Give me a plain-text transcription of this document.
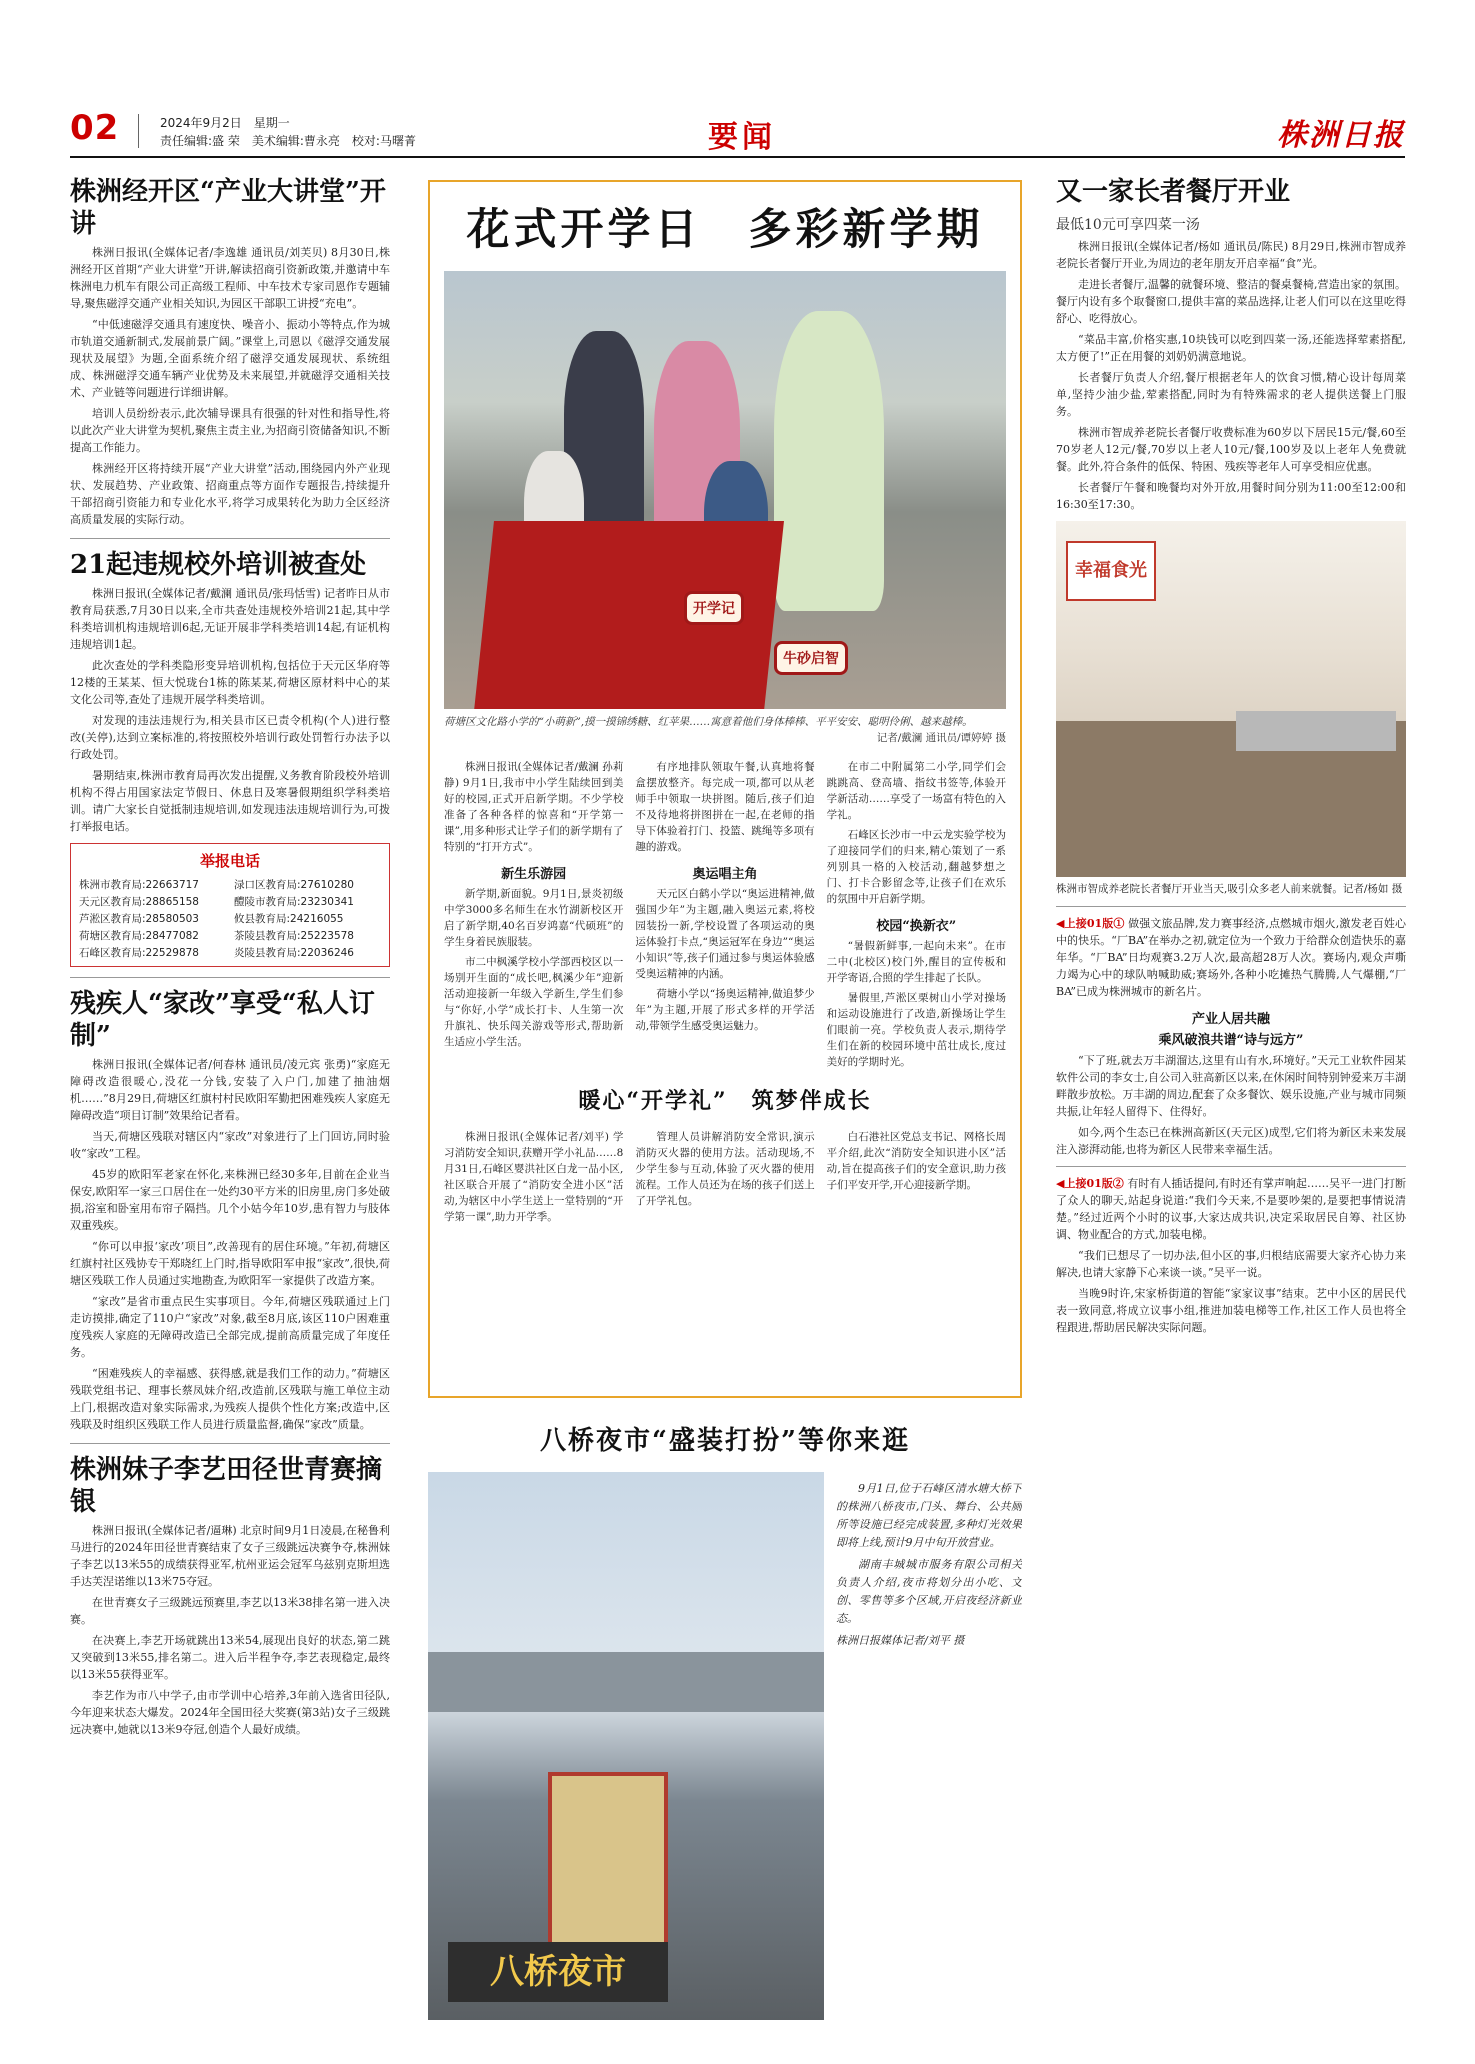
02	2024年9月2日　星期一
责任编辑:盛 荣　美术编辑:曹永亮　校对:马曙菁	要闻	株洲日报
株洲经开区“产业大讲堂”开讲

株洲日报讯(全媒体记者/李逸雄 通讯员/刘芙贝) 8月30日,株洲经开区首期“产业大讲堂”开讲,解读招商引资新政策,并邀请中车株洲电力机车有限公司正高级工程师、中车技术专家司恩作专题辅导,聚焦磁浮交通产业相关知识,为园区干部职工讲授“充电”。

“中低速磁浮交通具有速度快、噪音小、振动小等特点,作为城市轨道交通新制式,发展前景广阔。”课堂上,司恩以《磁浮交通发展现状及展望》为题,全面系统介绍了磁浮交通发展现状、系统组成、株洲磁浮交通车辆产业优势及未来展望,并就磁浮交通相关技术、产业链等问题进行详细讲解。

培训人员纷纷表示,此次辅导课具有很强的针对性和指导性,将以此次产业大讲堂为契机,聚焦主责主业,为招商引资储备知识,不断提高工作能力。

株洲经开区将持续开展“产业大讲堂”活动,围绕园内外产业现状、发展趋势、产业政策、招商重点等方面作专题报告,持续提升干部招商引资能力和专业化水平,将学习成果转化为助力全区经济高质量发展的实际行动。

21起违规校外培训被查处

株洲日报讯(全媒体记者/戴澜 通讯员/张玛恬雪) 记者昨日从市教育局获悉,7月30日以来,全市共查处违规校外培训21起,其中学科类培训机构违规培训6起,无证开展非学科类培训14起,有证机构违规培训1起。

此次查处的学科类隐形变异培训机构,包括位于天元区华府等12楼的王某某、恒大悦珑台1栋的陈某某,荷塘区原材料中心的某文化公司等,查处了违规开展学科类培训。

对发现的违法违规行为,相关县市区已责令机构(个人)进行整改(关停),达到立案标准的,将按照校外培训行政处罚暂行办法予以行政处罚。

暑期结束,株洲市教育局再次发出提醒,义务教育阶段校外培训机构不得占用国家法定节假日、休息日及寒暑假期组织学科类培训。请广大家长自觉抵制违规培训,如发现违法违规培训行为,可拨打举报电话。

举报电话
株洲市教育局:22663717	渌口区教育局:27610280
天元区教育局:28865158	醴陵市教育局:23230341
芦淞区教育局:28580503	攸县教育局:24216055
荷塘区教育局:28477082	茶陵县教育局:25223578
石峰区教育局:22529878	炎陵县教育局:22036246
残疾人“家改”享受“私人订制”

株洲日报讯(全媒体记者/何春林 通讯员/凌元宾 张勇)“家庭无障碍改造很暖心,没花一分钱,安装了入户门,加建了抽油烟机……”8月29日,荷塘区红旗村村民欧阳军勤把困难残疾人家庭无障碍改造“项目订制”效果给记者看。

当天,荷塘区残联对辖区内“家改”对象进行了上门回访,同时验收“家改”工程。

45岁的欧阳军老家在怀化,来株洲已经30多年,目前在企业当保安,欧阳军一家三口居住在一处约30平方米的旧房里,房门多处破损,浴室和卧室用布帘子隔挡。几个小姑今年10岁,患有智力与肢体双重残疾。

“你可以申报‘家改’项目”,改善现有的居住环境。”年初,荷塘区红旗村社区残协专干郑晓红上门时,指导欧阳军申报“家改”,很快,荷塘区残联工作人员通过实地勘查,为欧阳军一家提供了改造方案。

“家改”是省市重点民生实事项目。今年,荷塘区残联通过上门走访摸排,确定了110户“家改”对象,截至8月底,该区110户困难重度残疾人家庭的无障碍改造已全部完成,提前高质量完成了年度任务。

“困难残疾人的幸福感、获得感,就是我们工作的动力。”荷塘区残联党组书记、理事长蔡凤妹介绍,改造前,区残联与施工单位主动上门,根据改造对象实际需求,为残疾人提供个性化方案;改造中,区残联及时组织区残联工作人员进行质量监督,确保“家改”质量。

株洲妹子李艺田径世青赛摘银

株洲日报讯(全媒体记者/逼琳) 北京时间9月1日凌晨,在秘鲁利马进行的2024年田径世青赛结束了女子三级跳远决赛争夺,株洲妹子李艺以13米55的成绩获得亚军,杭州亚运会冠军乌兹别克斯坦选手达芙涅诺维以13米75夺冠。

在世青赛女子三级跳远预赛里,李艺以13米38排名第一进入决赛。

在决赛上,李艺开场就跳出13米54,展现出良好的状态,第二跳又突破到13米55,排名第二。进入后半程争夺,李艺表现稳定,最终以13米55获得亚军。

李艺作为市八中学子,由市学训中心培养,3年前入选省田径队,今年迎来状态大爆发。2024年全国田径大奖赛(第3站)女子三级跳远决赛中,她就以13米9夺冠,创造个人最好成绩。

花式开学日　多彩新学期
开学记
牛砂启智
荷塘区文化路小学的“小萌新”,摸一摸锦绣糖、红苹果……寓意着他们身体棒棒、平平安安、聪明伶俐、越来越棒。
记者/戴澜 通讯员/谭婷婷 摄

株洲日报讯(全媒体记者/戴澜 孙莉静) 9月1日,我市中小学生陆续回到美好的校园,正式开启新学期。不少学校准备了各种各样的惊喜和“开学第一课”,用多种形式让学子们的新学期有了特别的“打开方式”。

新生乐游园

新学期,新面貌。9月1日,景炎初级中学3000多名师生在水竹湖新校区开启了新学期,40名百岁鸿嘉“代硕班”的学生身着民族服装。

市二中枫溪学校小学部西校区以一场别开生面的“成长吧,枫溪少年”迎新活动迎接新一年级入学新生,学生们参与“你好,小学”成长打卡、人生第一次升旗礼、快乐闯关游戏等形式,帮助新生适应小学生活。

有序地排队领取午餐,认真地将餐盒摆放整齐。每完成一项,都可以从老师手中领取一块拼图。随后,孩子们迫不及待地将拼图拼在一起,在老师的指导下体验着打门、投篮、跳绳等多项有趣的游戏。

奥运唱主角

天元区白鹤小学以“奥运进精神,做强国少年”为主题,融入奥运元素,将校园装扮一新,学校设置了各项运动的奥运体验打卡点,“奥运冠军在身边”“奥运小知识”等,孩子们通过参与奥运体验感受奥运精神的内涵。

荷塘小学以“扬奥运精神,做追梦少年”为主题,开展了形式多样的开学活动,带领学生感受奥运魅力。

在市二中附属第二小学,同学们会跳跳高、登高墙、指纹书签等,体验开学新活动……享受了一场富有特色的入学礼。

石峰区长沙市一中云龙实验学校为了迎接同学们的归来,精心策划了一系列别具一格的入校活动,翻越梦想之门、打卡合影留念等,让孩子们在欢乐的氛围中开启新学期。

校园“换新衣”

“暑假新鲜事,一起向未来”。在市二中(北校区)校门外,醒目的宣传板和开学寄语,合照的学生排起了长队。

暑假里,芦淞区栗树山小学对操场和运动设施进行了改造,新操场让学生们眼前一亮。学校负责人表示,期待学生们在新的校园环境中茁壮成长,度过美好的学期时光。

暖心“开学礼”　筑梦伴成长

株洲日报讯(全媒体记者/刘平) 学习消防安全知识,获赠开学小礼品……8月31日,石峰区婴洪社区白龙一品小区,社区联合开展了“消防安全进小区”活动,为辖区中小学生送上一堂特别的“开学第一课”,助力开学季。

管理人员讲解消防安全常识,演示消防灭火器的使用方法。活动现场,不少学生参与互动,体验了灭火器的使用流程。工作人员还为在场的孩子们送上了开学礼包。

白石港社区党总支书记、网格长周平介绍,此次“消防安全知识进小区”活动,旨在提高孩子们的安全意识,助力孩子们平安开学,开心迎接新学期。

八桥夜市“盛装打扮”等你来逛
八桥夜市

9月1日,位于石峰区清水塘大桥下的株洲八桥夜市,门头、舞台、公共厕所等设施已经完成装置,多种灯光效果即将上线,预计9月中旬开放营业。

湖南丰城城市服务有限公司相关负责人介绍,夜市将划分出小吃、文创、零售等多个区域,开启夜经济新业态。

株洲日报媒体记者/刘平 摄

又一家长者餐厅开业
最低10元可享四菜一汤

株洲日报讯(全媒体记者/杨如 通讯员/陈民) 8月29日,株洲市智成养老院长者餐厅开业,为周边的老年朋友开启幸福“食”光。

走进长者餐厅,温馨的就餐环境、整洁的餐桌餐椅,营造出家的氛围。餐厅内设有多个取餐窗口,提供丰富的菜品选择,让老人们可以在这里吃得舒心、吃得放心。

“菜品丰富,价格实惠,10块钱可以吃到四菜一汤,还能选择荤素搭配,太方便了!”正在用餐的刘奶奶满意地说。

长者餐厅负责人介绍,餐厅根据老年人的饮食习惯,精心设计每周菜单,坚持少油少盐,荤素搭配,同时为有特殊需求的老人提供送餐上门服务。

株洲市智成养老院长者餐厅收费标准为60岁以下居民15元/餐,60至70岁老人12元/餐,70岁以上老人10元/餐,100岁及以上老年人免费就餐。此外,符合条件的低保、特困、残疾等老年人可享受相应优惠。

长者餐厅午餐和晚餐均对外开放,用餐时间分别为11:00至12:00和16:30至17:30。

幸福食光

株洲市智成养老院长者餐厅开业当天,吸引众多老人前来就餐。记者/杨如 摄

◀上接01版① 做强文旅品牌,发力赛事经济,点燃城市烟火,激发老百姓心中的快乐。“厂BA”在举办之初,就定位为一个致力于给群众创造快乐的嘉年华。“厂BA”日均观赛3.2万人次,最高超28万人次。赛场内,观众声嘶力竭为心中的球队呐喊助威;赛场外,各种小吃摊热气腾腾,人气爆棚,“厂BA”已成为株洲城市的新名片。

产业人居共融
乘风破浪共谱“诗与远方”

“下了班,就去万丰湖溜达,这里有山有水,环境好。”天元工业软件园某软件公司的李女士,自公司入驻高新区以来,在休闲时间特别钟爱来万丰湖畔散步放松。万丰湖的周边,配套了众多餐饮、娱乐设施,产业与城市同频共振,让年轻人留得下、住得好。

如今,两个生态已在株洲高新区(天元区)成型,它们将为新区未来发展注入澎湃动能,也将为新区人民带来幸福生活。

◀上接01版② 有时有人插话提问,有时还有掌声响起……吴平一进门打断了众人的聊天,站起身说道:“我们今天来,不是要吵架的,是要把事情说清楚。”经过近两个小时的议事,大家达成共识,决定采取居民自筹、社区协调、物业配合的方式,加装电梯。

“我们已想尽了一切办法,但小区的事,归根结底需要大家齐心协力来解决,也请大家静下心来谈一谈。”吴平一说。

当晚9时许,宋家桥街道的智能“家家议事”结束。艺中小区的居民代表一致同意,将成立议事小组,推进加装电梯等工作,社区工作人员也将全程跟进,帮助居民解决实际问题。
